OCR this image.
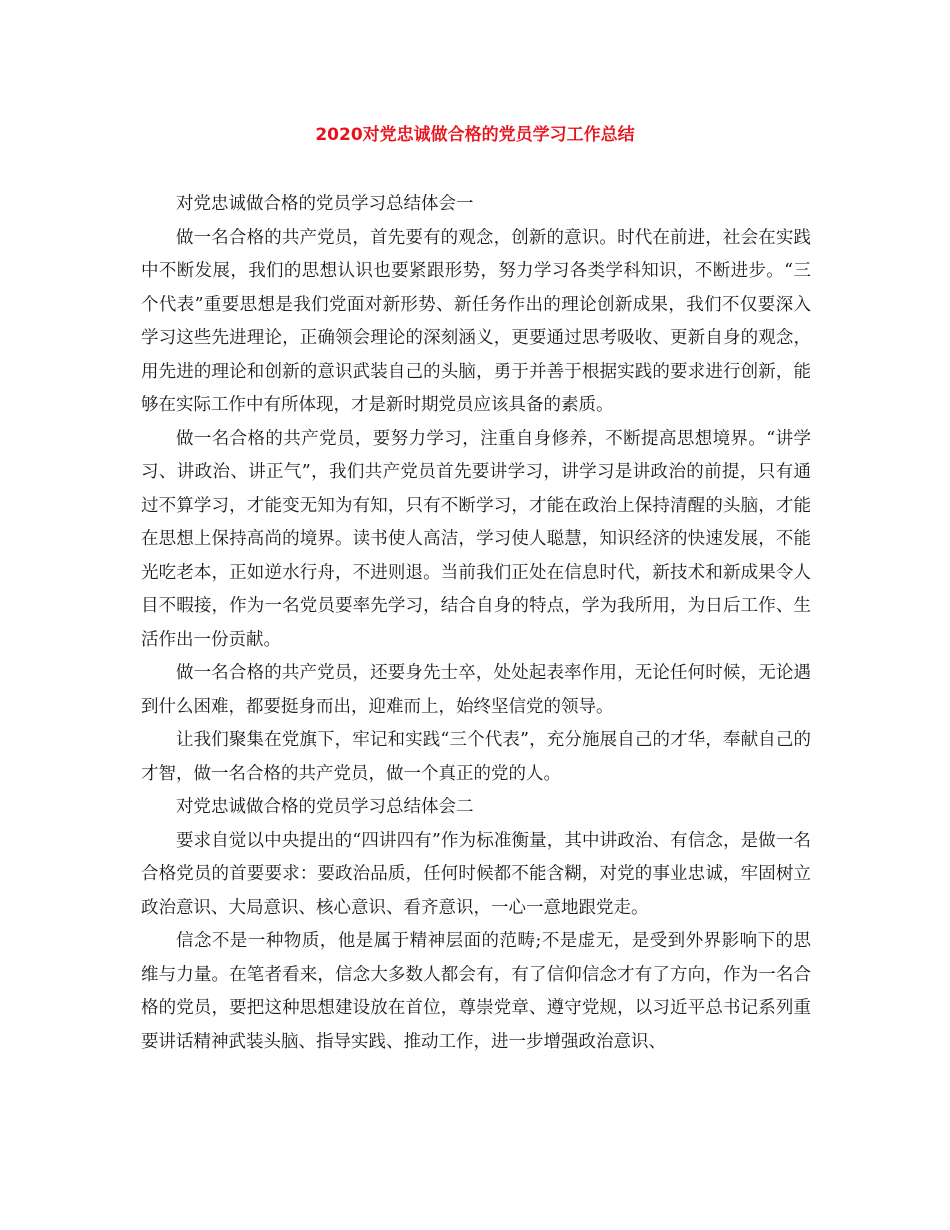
2020对党忠诚做合格的党员学习工作总结

对党忠诚做合格的党员学习总结体会一

做一名合格的共产党员，首先要有的观念，创新的意识。时代在前进，社会在实践中不断发展，我们的思想认识也要紧跟形势，努力学习各类学科知识，不断进步。“三个代表”重要思想是我们党面对新形势、新任务作出的理论创新成果，我们不仅要深入学习这些先进理论，正确领会理论的深刻涵义，更要通过思考吸收、更新自身的观念，用先进的理论和创新的意识武装自己的头脑，勇于并善于根据实践的要求进行创新，能够在实际工作中有所体现，才是新时期党员应该具备的素质。

做一名合格的共产党员，要努力学习，注重自身修养，不断提高思想境界。“讲学习、讲政治、讲正气”，我们共产党员首先要讲学习，讲学习是讲政治的前提，只有通过不算学习，才能变无知为有知，只有不断学习，才能在政治上保持清醒的头脑，才能在思想上保持高尚的境界。读书使人高洁，学习使人聪慧，知识经济的快速发展，不能光吃老本，正如逆水行舟，不进则退。当前我们正处在信息时代，新技术和新成果令人目不暇接，作为一名党员要率先学习，结合自身的特点，学为我所用，为日后工作、生活作出一份贡献。

做一名合格的共产党员，还要身先士卒，处处起表率作用，无论任何时候，无论遇到什么困难，都要挺身而出，迎难而上，始终坚信党的领导。

让我们聚集在党旗下，牢记和实践“三个代表”，充分施展自己的才华，奉献自己的才智，做一名合格的共产党员，做一个真正的党的人。

对党忠诚做合格的党员学习总结体会二

要求自觉以中央提出的“四讲四有”作为标准衡量，其中讲政治、有信念，是做一名合格党员的首要要求：要政治品质，任何时候都不能含糊，对党的事业忠诚，牢固树立政治意识、大局意识、核心意识、看齐意识，一心一意地跟党走。

信念不是一种物质，他是属于精神层面的范畴;不是虚无，是受到外界影响下的思维与力量。在笔者看来，信念大多数人都会有，有了信仰信念才有了方向，作为一名合格的党员，要把这种思想建设放在首位，尊崇党章、遵守党规，以习近平总书记系列重要讲话精神武装头脑、指导实践、推动工作，进一步增强政治意识、
